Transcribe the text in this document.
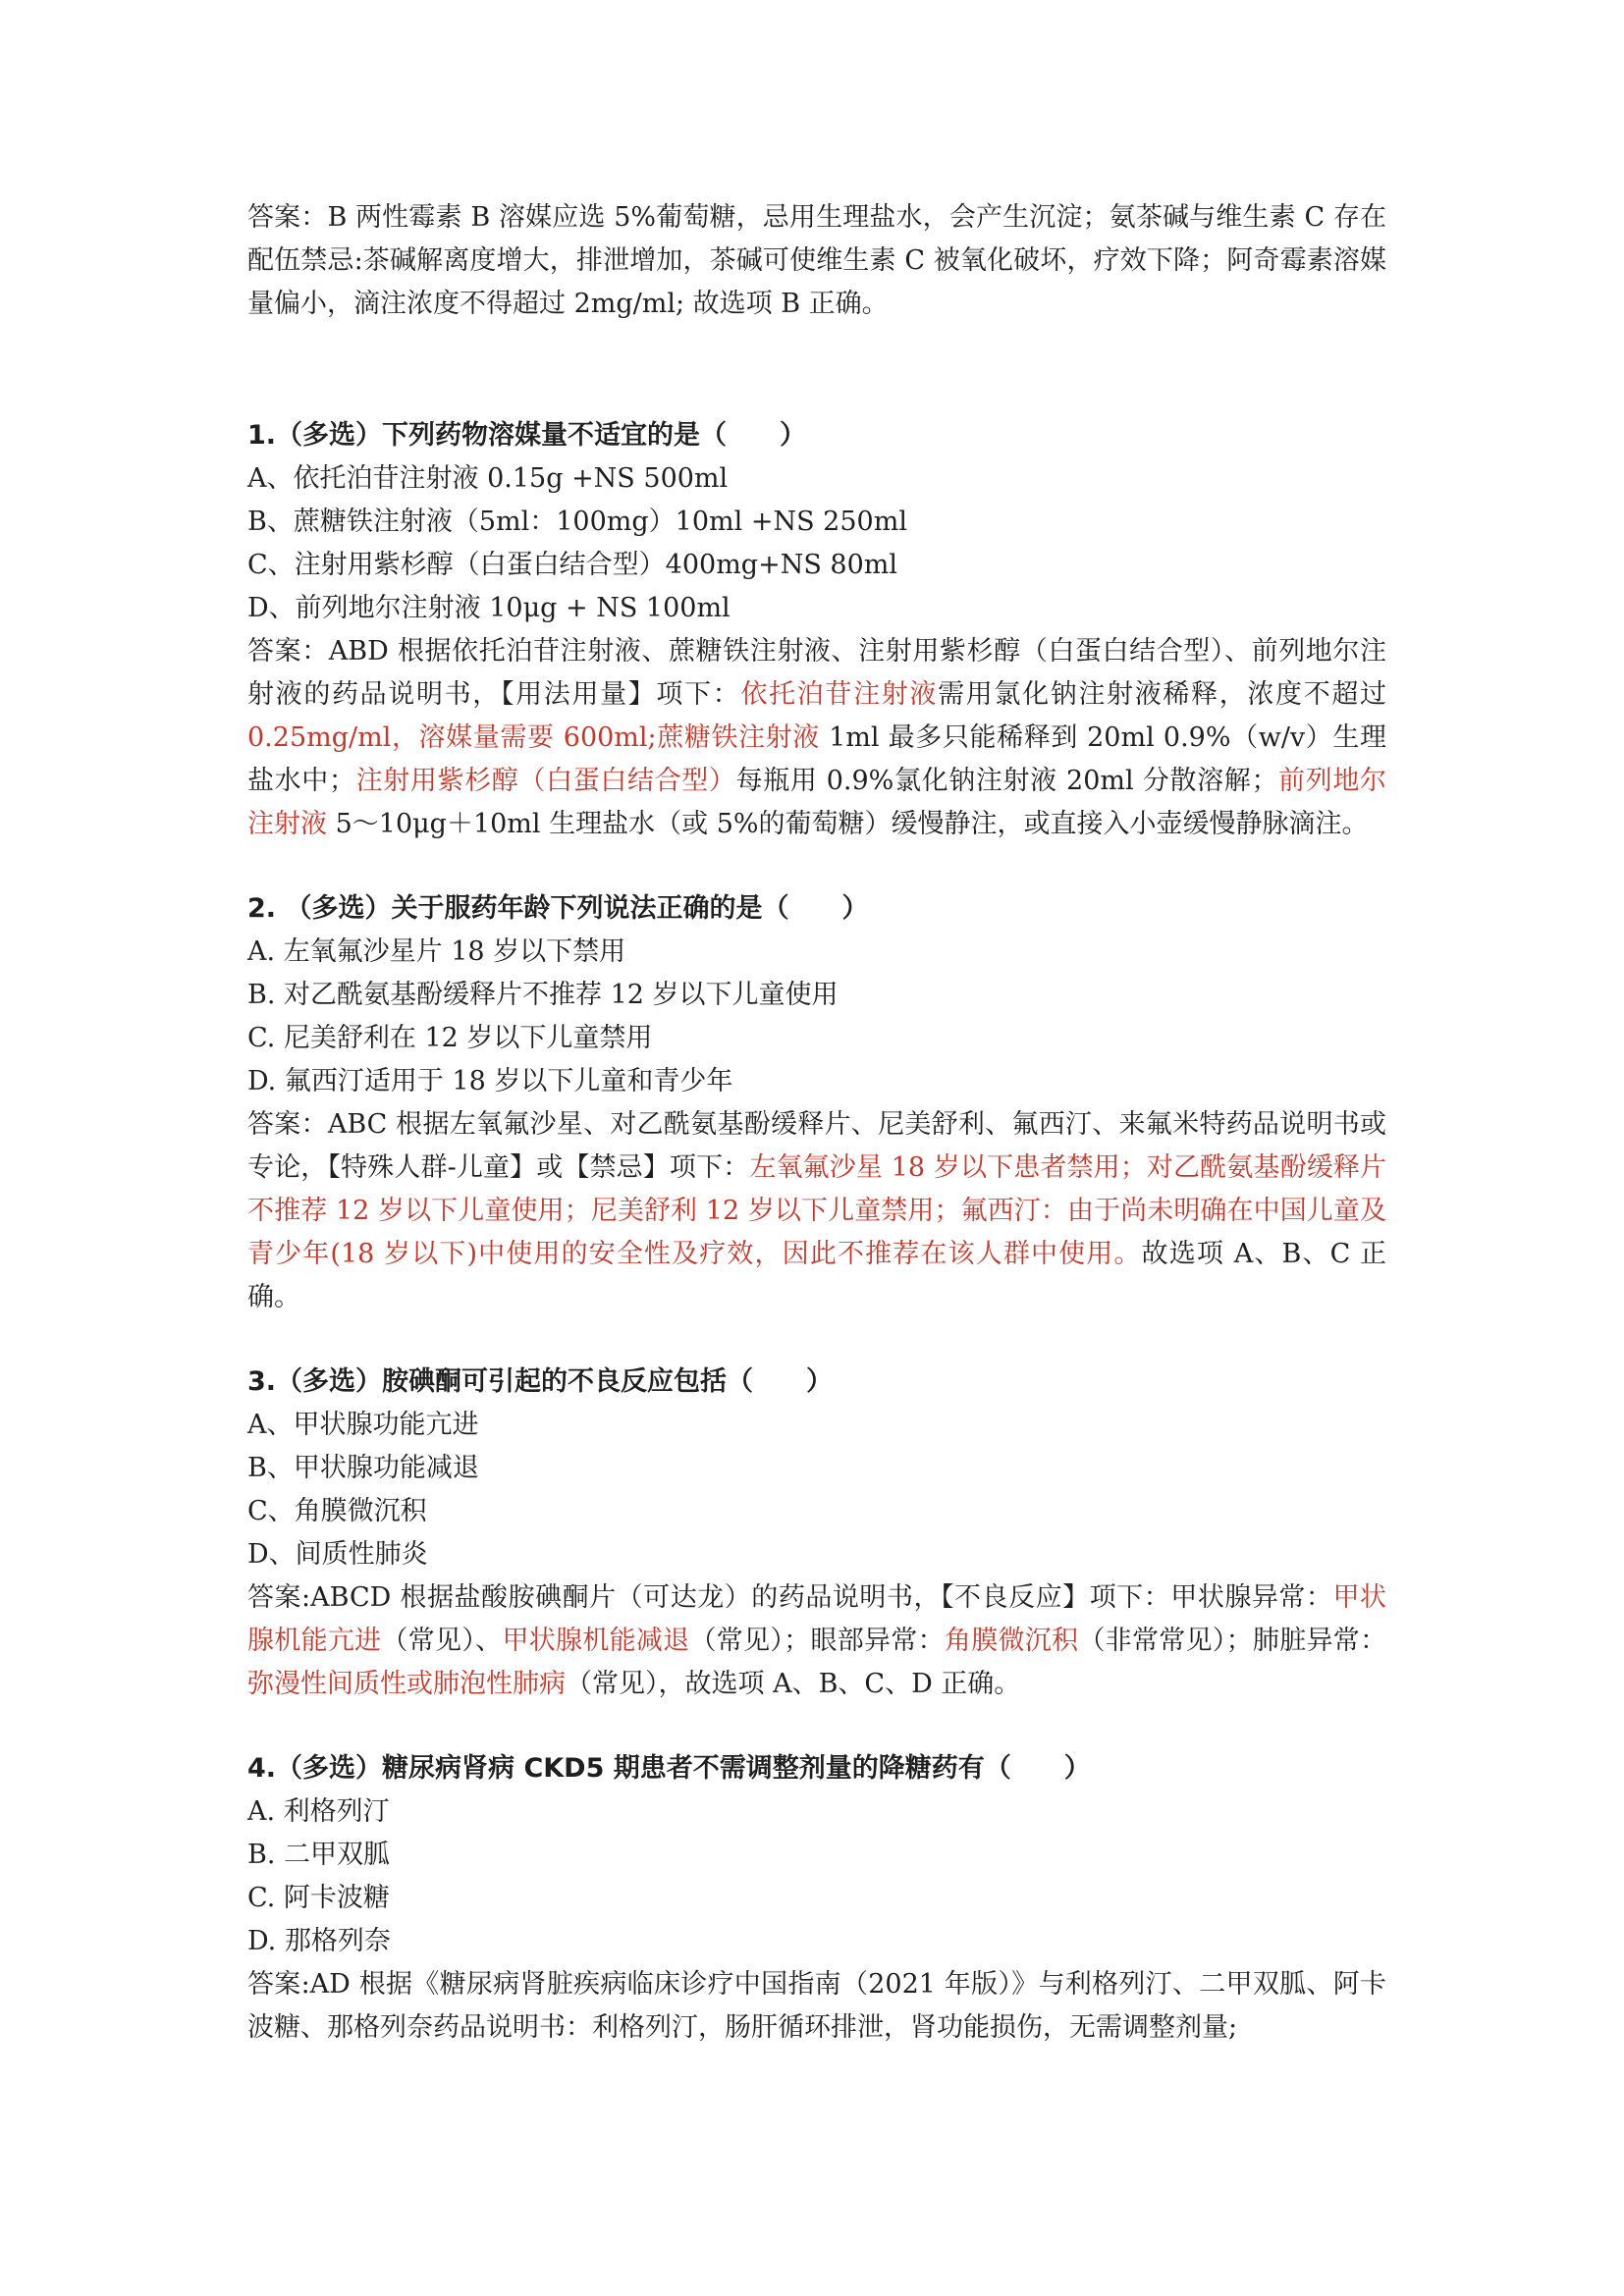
答案：B 两性霉素 B 溶媒应选 5%葡萄糖，忌用生理盐水，会产生沉淀；氨茶碱与维生素 C 存在配伍禁忌:茶碱解离度增大，排泄增加，茶碱可使维生素 C 被氧化破坏，疗效下降；阿奇霉素溶媒量偏小，滴注浓度不得超过 2mg/ml; 故选项 B 正确。

1.（多选）下列药物溶媒量不适宜的是（　　）

A、依托泊苷注射液 0.15g +NS 500ml

B、蔗糖铁注射液（5ml：100mg）10ml +NS 250ml

C、注射用紫杉醇（白蛋白结合型）400mg+NS 80ml

D、前列地尔注射液 10μg + NS 100ml

答案：ABD 根据依托泊苷注射液、蔗糖铁注射液、注射用紫杉醇（白蛋白结合型）、前列地尔注射液的药品说明书，【用法用量】项下：依托泊苷注射液需用氯化钠注射液稀释，浓度不超过 0.25mg/ml，溶媒量需要 600ml;蔗糖铁注射液 1ml 最多只能稀释到 20ml 0.9%（w/v）生理盐水中；注射用紫杉醇（白蛋白结合型）每瓶用 0.9%氯化钠注射液 20ml 分散溶解；前列地尔注射液 5～10μg＋10ml 生理盐水（或 5%的葡萄糖）缓慢静注，或直接入小壶缓慢静脉滴注。

2. （多选）关于服药年龄下列说法正确的是（　　）

A. 左氧氟沙星片 18 岁以下禁用

B. 对乙酰氨基酚缓释片不推荐 12 岁以下儿童使用

C. 尼美舒利在 12 岁以下儿童禁用

D. 氟西汀适用于 18 岁以下儿童和青少年

答案：ABC 根据左氧氟沙星、对乙酰氨基酚缓释片、尼美舒利、氟西汀、来氟米特药品说明书或专论，【特殊人群-儿童】或【禁忌】项下：左氧氟沙星 18 岁以下患者禁用；对乙酰氨基酚缓释片不推荐 12 岁以下儿童使用；尼美舒利 12 岁以下儿童禁用；氟西汀：由于尚未明确在中国儿童及青少年(18 岁以下)中使用的安全性及疗效，因此不推荐在该人群中使用。故选项 A、B、C 正确。

3.（多选）胺碘酮可引起的不良反应包括（　　）

A、甲状腺功能亢进

B、甲状腺功能减退

C、角膜微沉积

D、间质性肺炎

答案:ABCD 根据盐酸胺碘酮片（可达龙）的药品说明书，【不良反应】项下：甲状腺异常：甲状腺机能亢进（常见）、甲状腺机能减退（常见）；眼部异常：角膜微沉积（非常常见）；肺脏异常：弥漫性间质性或肺泡性肺病（常见），故选项 A、B、C、D 正确。

4.（多选）糖尿病肾病 CKD5 期患者不需调整剂量的降糖药有（　　）

A. 利格列汀

B. 二甲双胍

C. 阿卡波糖

D. 那格列奈

答案:AD 根据《糖尿病肾脏疾病临床诊疗中国指南（2021 年版）》与利格列汀、二甲双胍、阿卡波糖、那格列奈药品说明书：利格列汀，肠肝循环排泄，肾功能损伤，无需调整剂量;
